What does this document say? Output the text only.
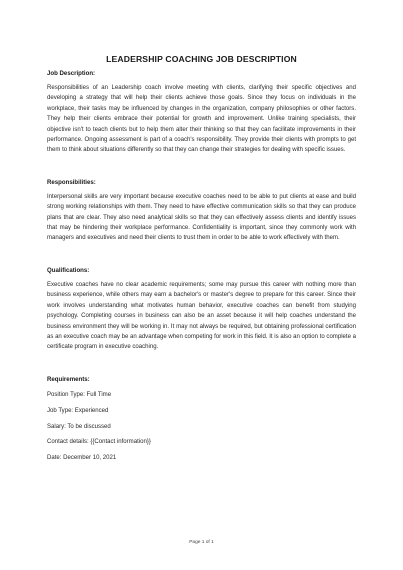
LEADERSHIP COACHING JOB DESCRIPTION

Job Description:

Responsibilities of an Leadership coach involve meeting with clients, clarifying their specific objectives and developing a strategy that will help their clients achieve those goals. Since they focus on individuals in the workplace, their tasks may be influenced by changes in the organization, company philosophies or other factors. They help their clients embrace their potential for growth and improvement. Unlike training specialists, their objective isn't to teach clients but to help them alter their thinking so that they can facilitate improvements in their performance. Ongoing assessment is part of a coach's responsibility. They provide their clients with prompts to get them to think about situations differently so that they can change their strategies for dealing with specific issues.

Responsibilities:

Interpersonal skills are very important because executive coaches need to be able to put clients at ease and build strong working relationships with them. They need to have effective communication skills so that they can produce plans that are clear. They also need analytical skills so that they can effectively assess clients and identify issues that may be hindering their workplace performance. Confidentiality is important, since they commonly work with managers and executives and need their clients to trust them in order to be able to work effectively with them.

Qualifications:

Executive coaches have no clear academic requirements; some may pursue this career with nothing more than business experience, while others may earn a bachelor's or master's degree to prepare for this career. Since their work involves understanding what motivates human behavior, executive coaches can benefit from studying psychology. Completing courses in business can also be an asset because it will help coaches understand the business environment they will be working in. It may not always be required, but obtaining professional certification as an executive coach may be an advantage when competing for work in this field. It is also an option to complete a certificate program in executive coaching.

Requirements:

Position Type: Full Time

Job Type: Experienced

Salary: To be discussed

Contact details: {{Contact information}}

Date: December 10, 2021

Page 1 of 1
